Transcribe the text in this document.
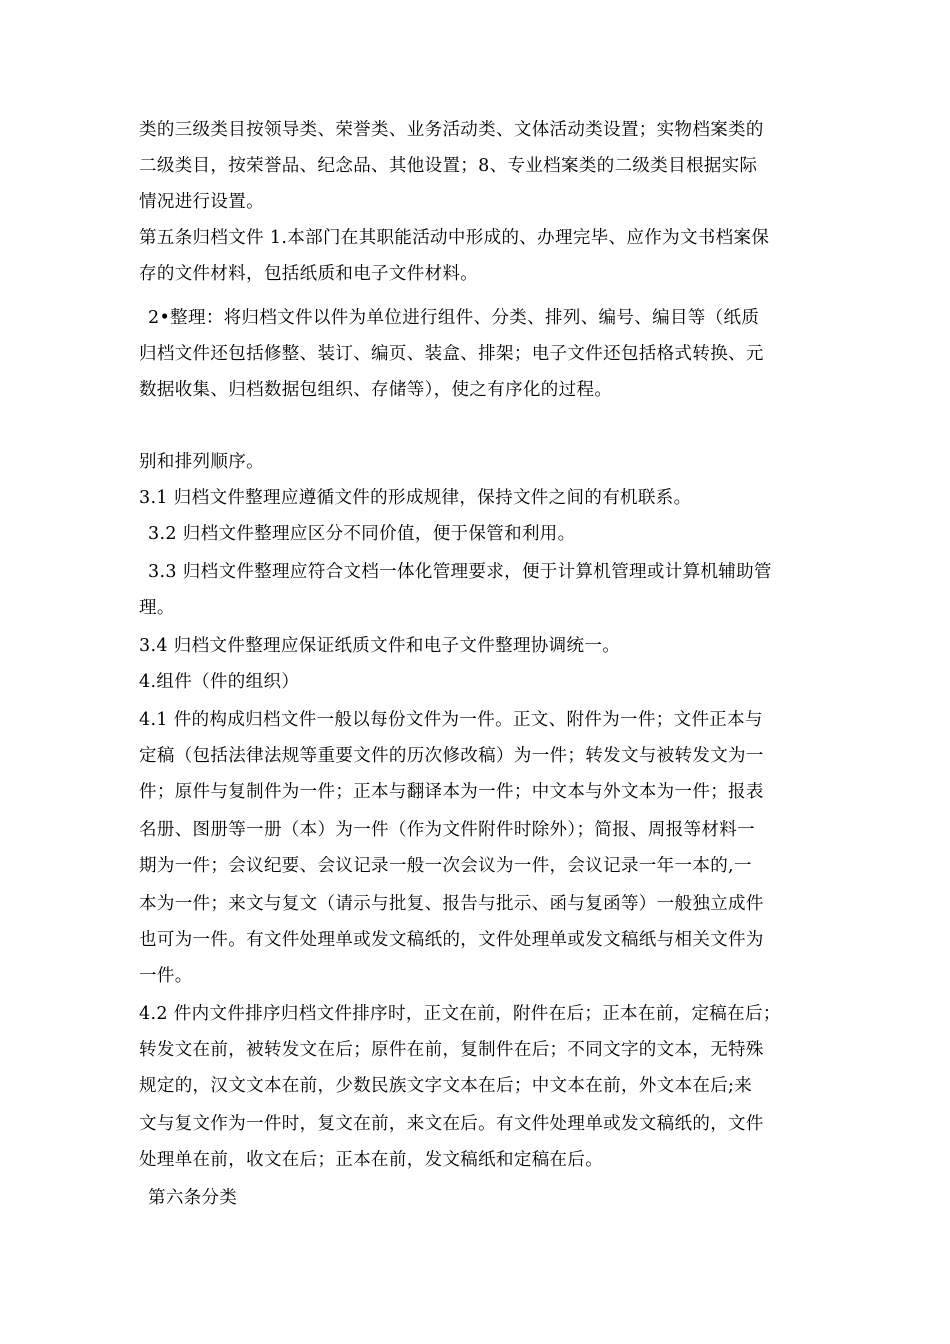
类的三级类目按领导类、荣誉类、业务活动类、文体活动类设置；实物档案类的
二级类目，按荣誉品、纪念品、其他设置；8、专业档案类的二级类目根据实际
情况进行设置。
第五条归档文件 1.本部门在其职能活动中形成的、办理完毕、应作为文书档案保
存的文件材料，包括纸质和电子文件材料。
2•整理：将归档文件以件为单位进行组件、分类、排列、编号、编目等（纸质
归档文件还包括修整、装订、编页、装盒、排架；电子文件还包括格式转换、元
数据收集、归档数据包组织、存储等），使之有序化的过程。
别和排列顺序。
3.1 归档文件整理应遵循文件的形成规律，保持文件之间的有机联系。
3.2 归档文件整理应区分不同价值，便于保管和利用。
3.3 归档文件整理应符合文档一体化管理要求，便于计算机管理或计算机辅助管
理。
3.4 归档文件整理应保证纸质文件和电子文件整理协调统一。
4.组件（件的组织）
4.1 件的构成归档文件一般以每份文件为一件。正文、附件为一件；文件正本与
定稿（包括法律法规等重要文件的历次修改稿）为一件；转发文与被转发文为一
件；原件与复制件为一件；正本与翻译本为一件；中文本与外文本为一件；报表
名册、图册等一册（本）为一件（作为文件附件时除外）；简报、周报等材料一
期为一件；会议纪要、会议记录一般一次会议为一件，会议记录一年一本的,一
本为一件；来文与复文（请示与批复、报告与批示、函与复函等）一般独立成件
也可为一件。有文件处理单或发文稿纸的，文件处理单或发文稿纸与相关文件为
一件。
4.2 件内文件排序归档文件排序时，正文在前，附件在后；正本在前，定稿在后；
转发文在前，被转发文在后；原件在前，复制件在后；不同文字的文本，无特殊
规定的，汉文文本在前，少数民族文字文本在后；中文本在前，外文本在后;来
文与复文作为一件时，复文在前，来文在后。有文件处理单或发文稿纸的，文件
处理单在前，收文在后；正本在前，发文稿纸和定稿在后。
第六条分类
